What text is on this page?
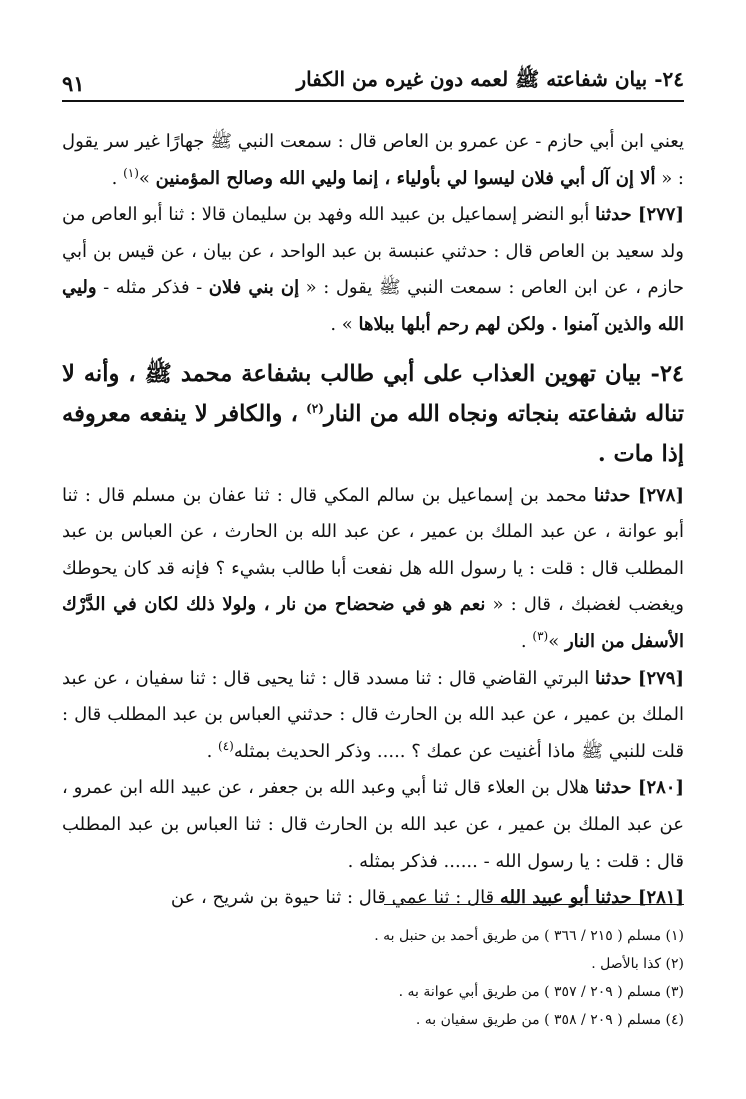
٩١	٢٤- بيان شفاعته ﷺ لعمه دون غيره من الكفار

يعني ابن أبي حازم - عن عمرو بن العاص قال : سمعت النبي ﷺ جهارًا غير سر يقول : « ألا إن آل أبي فلان ليسوا لي بأولياء ، إنما وليي الله وصالح المؤمنين »$^{(١)}$ .

[٢٧٧] حدثنا أبو النضر إسماعيل بن عبيد الله وفهد بن سليمان قالا : ثنا أبو العاص من ولد سعيد بن العاص قال : حدثني عنبسة بن عبد الواحد ، عن بيان ، عن قيس بن أبي حازم ، عن ابن العاص : سمعت النبي ﷺ يقول : « إن بني فلان - فذكر مثله - وليي الله والذين آمنوا . ولكن لهم رحم أبلها ببلاها » .

٢٤- بيان تهوين العذاب على أبي طالب بشفاعة محمد ﷺ ، وأنه لا تناله شفاعته بنجاته ونجاه الله من النار$^{(٢)}$ ، والكافر لا ينفعه معروفه إذا مات .

[٢٧٨] حدثنا محمد بن إسماعيل بن سالم المكي قال : ثنا عفان بن مسلم قال : ثنا أبو عوانة ، عن عبد الملك بن عمير ، عن عبد الله بن الحارث ، عن العباس بن عبد المطلب قال : قلت : يا رسول الله هل نفعت أبا طالب بشيء ؟ فإنه قد كان يحوطك ويغضب لغضبك ، قال : « نعم هو في ضحضاح من نار ، ولولا ذلك لكان في الدَّرْك الأسفل من النار »$^{(٣)}$ .

[٢٧٩] حدثنا البرتي القاضي قال : ثنا مسدد قال : ثنا يحيى قال : ثنا سفيان ، عن عبد الملك بن عمير ، عن عبد الله بن الحارث قال : حدثني العباس بن عبد المطلب قال : قلت للنبي ﷺ ماذا أغنيت عن عمك ؟ ..... وذكر الحديث بمثله$^{(٤)}$ .

[٢٨٠] حدثنا هلال بن العلاء قال ثنا أبي وعبد الله بن جعفر ، عن عبيد الله ابن عمرو ، عن عبد الملك بن عمير ، عن عبد الله بن الحارث قال : ثنا العباس بن عبد المطلب قال : قلت : يا رسول الله - ...... فذكر بمثله .

[٢٨١] حدثنا أبو عبيد الله قال : ثنا عمي قال : ثنا حيوة بن شريح ، عن

(١) مسلم ( ٢١٥ / ٣٦٦ ) من طريق أحمد بن حنبل به .

(٢) كذا بالأصل .

(٣) مسلم ( ٢٠٩ / ٣٥٧ ) من طريق أبي عوانة به .

(٤) مسلم ( ٢٠٩ / ٣٥٨ ) من طريق سفيان به .
